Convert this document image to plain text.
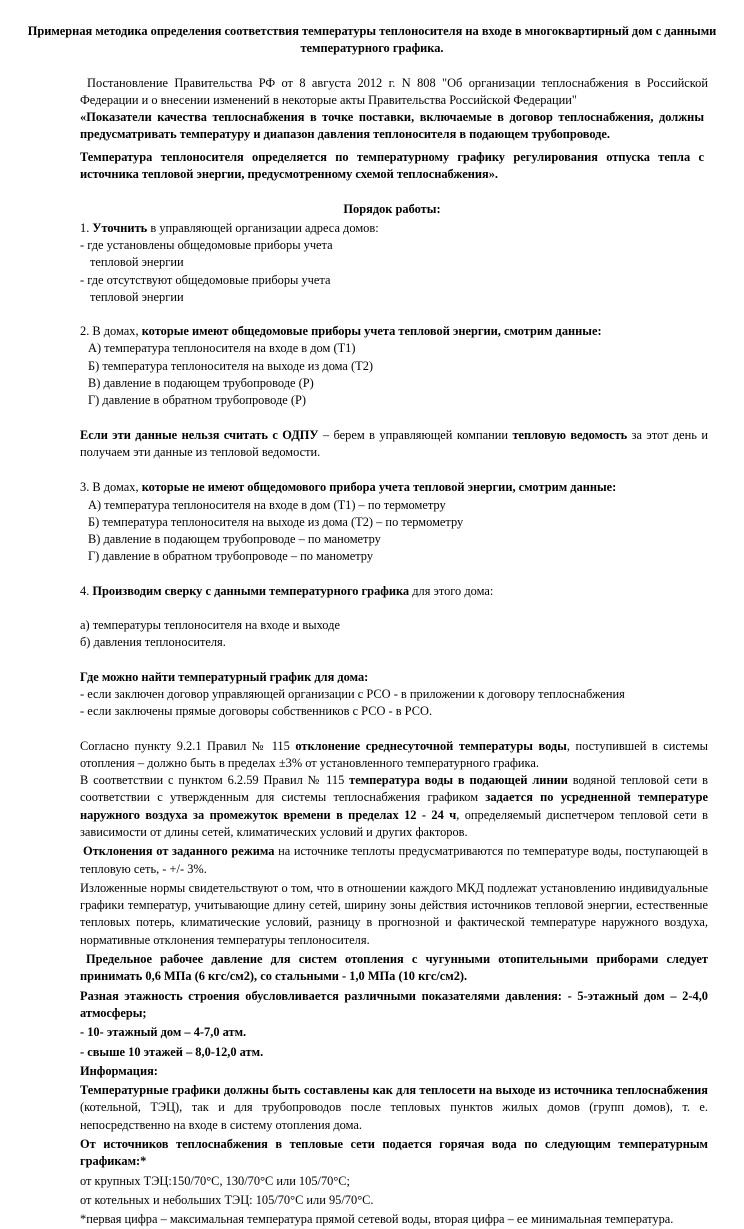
Примерная методика определения соответствия температуры теплоносителя на входе в многоквартирный дом с данными температурного графика.

Постановление Правительства РФ от 8 августа 2012 г. N 808 "Об организации теплоснабжения в Российской Федерации и о внесении изменений в некоторые акты Правительства Российской Федерации"

«Показатели качества теплоснабжения в точке поставки, включаемые в договор теплоснабжения, должны предусматривать температуру и диапазон давления теплоносителя в подающем трубопроводе.

Температура теплоносителя определяется по температурному графику регулирования отпуска тепла с источника тепловой энергии, предусмотренному схемой теплоснабжения».

Порядок работы:

1. Уточнить в управляющей организации адреса домов:

- где установлены общедомовые приборы учета

тепловой энергии

- где отсутствуют общедомовые приборы учета

тепловой энергии

2. В домах, которые имеют общедомовые приборы учета тепловой энергии, смотрим данные:

А) температура теплоносителя на входе в дом (Т1)

Б) температура теплоносителя на выходе из дома (Т2)

В) давление в подающем трубопроводе (Р)

Г) давление в обратном трубопроводе (Р)

Если эти данные нельзя считать с ОДПУ – берем в управляющей компании тепловую ведомость за этот день и получаем эти данные из тепловой ведомости.

3. В домах, которые не имеют общедомового прибора учета тепловой энергии, смотрим данные:

А) температура теплоносителя на входе в дом (Т1) – по термометру

Б) температура теплоносителя на выходе из дома (Т2) – по термометру

В) давление в подающем трубопроводе – по манометру

Г) давление в обратном трубопроводе – по манометру

4. Производим сверку с данными температурного графика для этого дома:

а) температуры теплоносителя на входе и выходе

б) давления теплоносителя.

Где можно найти температурный график для дома:

- если заключен договор управляющей организации с РСО - в приложении к договору теплоснабжения

- если заключены прямые договоры собственников с РСО - в РСО.

Согласно пункту 9.2.1 Правил № 115 отклонение среднесуточной температуры воды, поступившей в системы отопления – должно быть в пределах ±3% от установленного температурного графика.

В соответствии с пунктом 6.2.59 Правил № 115 температура воды в подающей линии водяной тепловой сети в соответствии с утвержденным для системы теплоснабжения графиком задается по усредненной температуре наружного воздуха за промежуток времени в пределах 12 - 24 ч, определяемый диспетчером тепловой сети в зависимости от длины сетей, климатических условий и других факторов.

Отклонения от заданного режима на источнике теплоты предусматриваются по температуре воды, поступающей в тепловую сеть, - +/- 3%.

Изложенные нормы свидетельствуют о том, что в отношении каждого МКД подлежат установлению индивидуальные графики температур, учитывающие длину сетей, ширину зоны действия источников тепловой энергии, естественные тепловых потерь, климатические условий, разницу в прогнозной и фактической температуре наружного воздуха, нормативные отклонения температуры теплоносителя.

Предельное рабочее давление для систем отопления с чугунными отопительными приборами следует принимать 0,6 МПа (6 кгс/см2), со стальными - 1,0 МПа (10 кгс/см2).

Разная этажность строения обусловливается различными показателями давления: - 5-этажный дом – 2-4,0 атмосферы;

- 10- этажный дом – 4-7,0 атм.

- свыше 10 этажей – 8,0-12,0 атм.

Информация:

Температурные графики должны быть составлены как для теплосети на выходе из источника теплоснабжения (котельной, ТЭЦ), так и для трубопроводов после тепловых пунктов жилых домов (групп домов), т. е. непосредственно на входе в систему отопления дома.

От источников теплоснабжения в тепловые сети подается горячая вода по следующим температурным графикам:*

от крупных ТЭЦ:150/70°С, 130/70°С или 105/70°С;

от котельных и небольших ТЭЦ: 105/70°С или 95/70°С.

*первая цифра – максимальная температура прямой сетевой воды, вторая цифра – ее минимальная температура.
